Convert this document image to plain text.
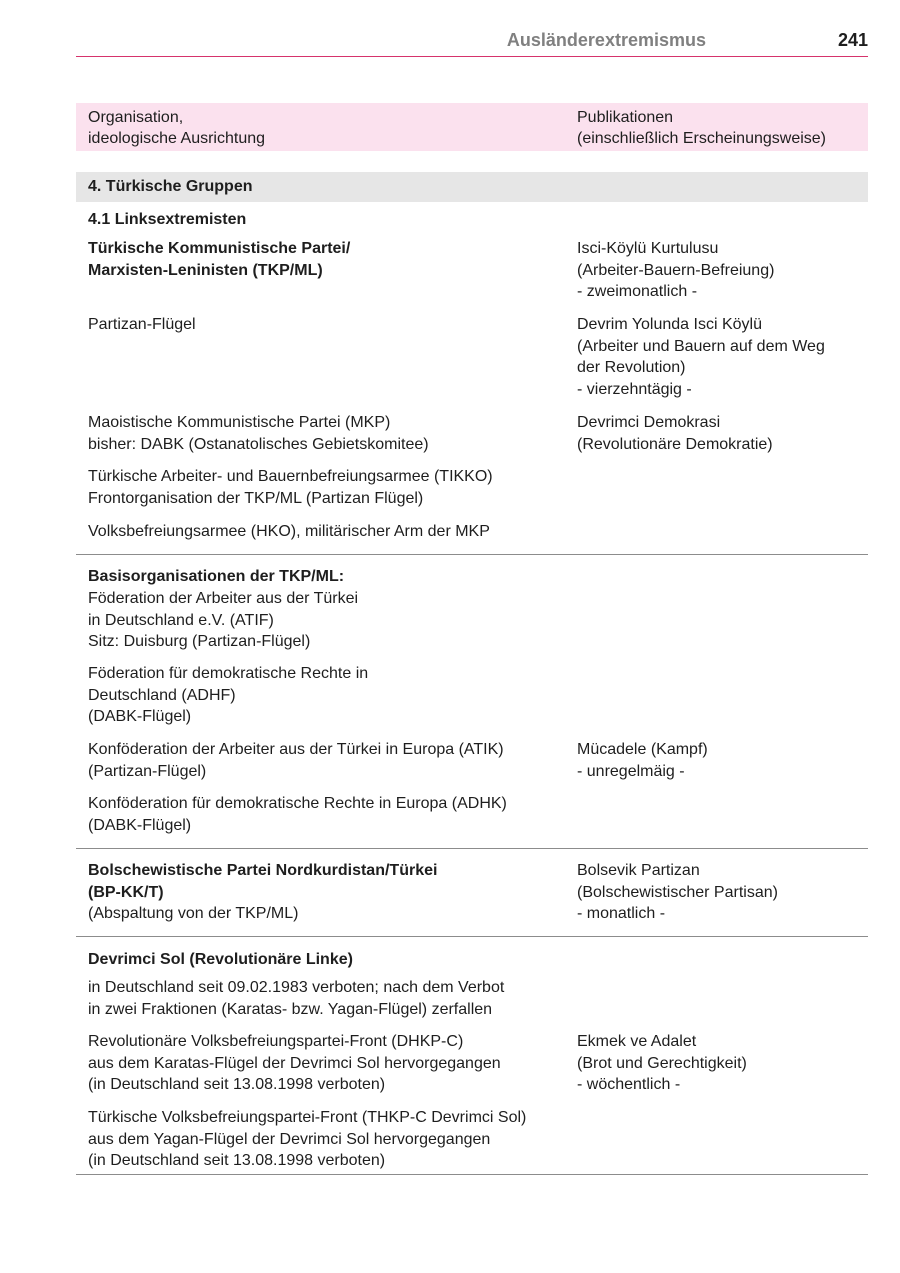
Ausländerextremismus	241
Organisation,
ideologische Ausrichtung
Publikationen
(einschließlich Erscheinungsweise)
4. Türkische Gruppen
4.1 Linksextremisten
Türkische Kommunistische Partei/
Marxisten-Leninisten (TKP/ML)
Isci-Köylü Kurtulusu
(Arbeiter-Bauern-Befreiung)
- zweimonatlich -
Partizan-Flügel	Devrim Yolunda Isci Köylü
(Arbeiter und Bauern auf dem Weg
der Revolution)
- vierzehntägig -
Maoistische Kommunistische Partei (MKP)
bisher: DABK (Ostanatolisches Gebietskomitee)
Devrimci Demokrasi
(Revolutionäre Demokratie)
Türkische Arbeiter- und Bauernbefreiungsarmee (TIKKO)
Frontorganisation der TKP/ML (Partizan Flügel)
Volksbefreiungsarmee (HKO), militärischer Arm der MKP
Basisorganisationen der TKP/ML:
Föderation der Arbeiter aus der Türkei
in Deutschland e.V. (ATIF)
Sitz: Duisburg (Partizan-Flügel)
Föderation für demokratische Rechte in
Deutschland (ADHF)
(DABK-Flügel)
Konföderation der Arbeiter aus der Türkei in Europa (ATIK)
(Partizan-Flügel)
Mücadele (Kampf)
- unregelmäig -
Konföderation für demokratische Rechte in Europa (ADHK)
(DABK-Flügel)
Bolschewistische Partei Nordkurdistan/Türkei
(BP-KK/T)
(Abspaltung von der TKP/ML)
Bolsevik Partizan
(Bolschewistischer Partisan)
- monatlich -
Devrimci Sol (Revolutionäre Linke)
in Deutschland seit 09.02.1983 verboten; nach dem Verbot
in zwei Fraktionen (Karatas- bzw. Yagan-Flügel) zerfallen
Revolutionäre Volksbefreiungspartei-Front (DHKP-C)
aus dem Karatas-Flügel der Devrimci Sol hervorgegangen
(in Deutschland seit 13.08.1998 verboten)
Ekmek ve Adalet
(Brot und Gerechtigkeit)
- wöchentlich -
Türkische Volksbefreiungspartei-Front (THKP-C Devrimci Sol)
aus dem Yagan-Flügel der Devrimci Sol hervorgegangen
(in Deutschland seit 13.08.1998 verboten)
